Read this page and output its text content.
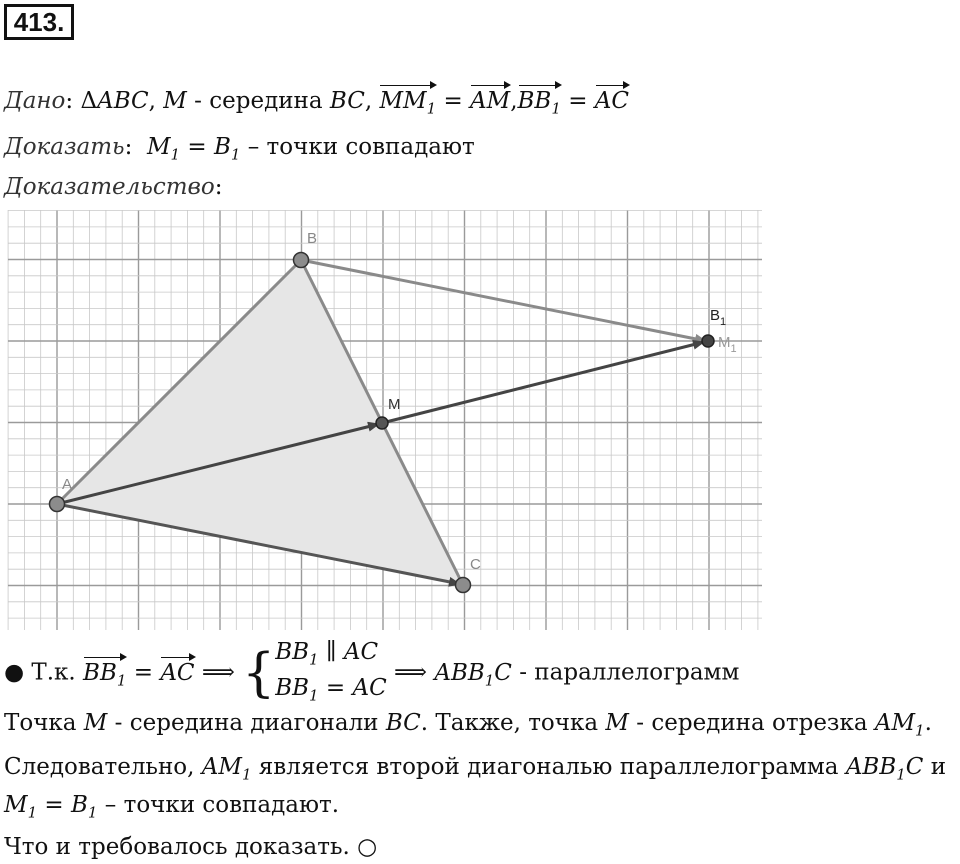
413.
Дано: ΔABC, M - середина BC, $MM_1 = AM,BB_1$ = AC
Доказать: $M_1 = B_1$ – точки совпадают
Доказательство:
A
B
C
M
$B_1$
$M_1$
● Т.к. $BB_1$ = AC ⟹ { $BB_1$ ∥ AC
$BB_1$ = AC
⟹ $ABB_1C$ - параллелограмм
Точка M - середина диагонали BC. Также, точка M - середина отрезка $AM_1$.
Следовательно, $AM_1$ является второй диагональю параллелограмма $ABB_1C$ и
$M_1 = B_1$ – точки совпадают.
Что и требовалось доказать. ○
